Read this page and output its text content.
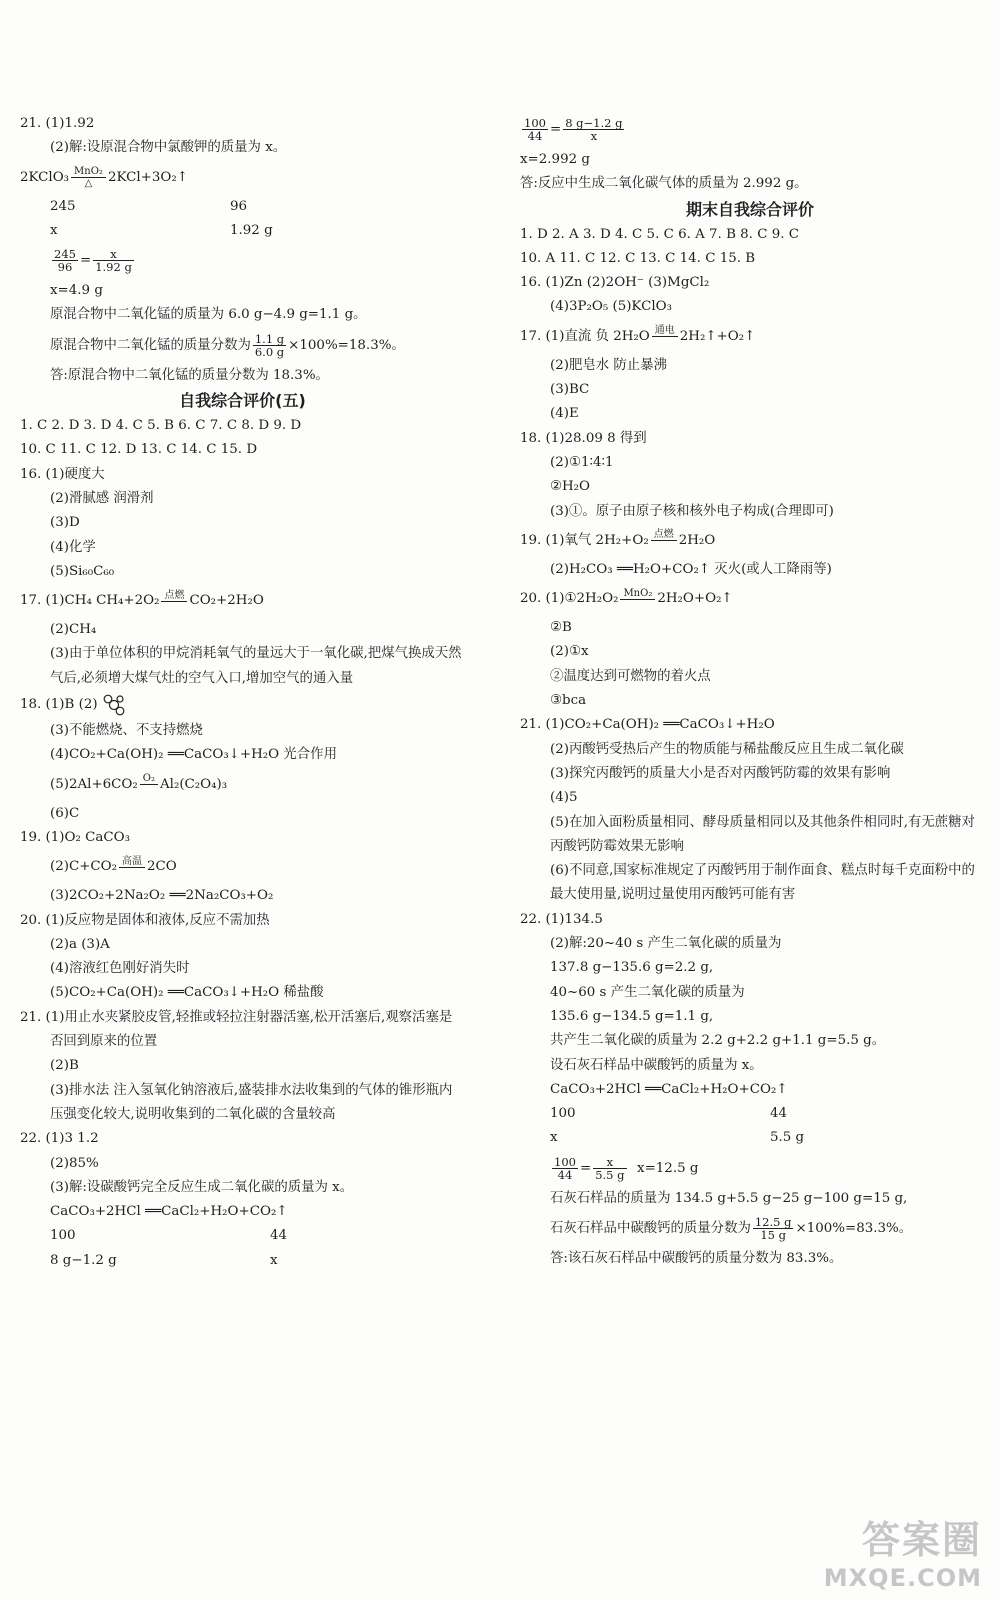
21. (1)1.92
(2)解:设原混合物中氯酸钾的质量为 x。
2KClO₃ MnO₂
△	2KCl+3O₂↑
245	96
x	1.92 g
$\frac{245}{96} = \frac{x}{1.92 g}$
x=4.9 g
原混合物中二氧化锰的质量为 6.0 g−4.9 g=1.1 g。
原混合物中二氧化锰的质量分数为 $\frac{1.1 g}{6.0 g} \times 100\%=18.3\%$。
答:原混合物中二氧化锰的质量分数为 18.3%。
自我综合评价(五)
1. C 2. D 3. D 4. C 5. B 6. C 7. C 8. D 9. D
10. C 11. C 12. D 13. C 14. C 15. D
16. (1)硬度大
(2)滑腻感 润滑剂
(3)D
(4)化学
(5)Si₆₀C₆₀
17. (1)CH₄ CH₄+2O₂ 点燃 CO₂+2H₂O
(2)CH₄
(3)由于单位体积的甲烷消耗氧气的量远大于一氧化碳,把煤气换成天然气后,必须增大煤气灶的空气入口,增加空气的通入量
18. (1)B (2)
(3)不能燃烧、不支持燃烧
(4)CO₂+Ca(OH)₂ ══CaCO₃↓+H₂O 光合作用
(5)2Al+6CO₂ O₂ Al₂(C₂O₄)₃
(6)C
19. (1)O₂ CaCO₃
(2)C+CO₂ 高温 2CO
(3)2CO₂+2Na₂O₂ ══2Na₂CO₃+O₂
20. (1)反应物是固体和液体,反应不需加热
(2)a (3)A
(4)溶液红色刚好消失时
(5)CO₂+Ca(OH)₂ ══CaCO₃↓+H₂O 稀盐酸
21. (1)用止水夹紧胶皮管,轻推或轻拉注射器活塞,松开活塞后,观察活塞是否回到原来的位置
(2)B
(3)排水法 注入氢氧化钠溶液后,盛装排水法收集到的气体的锥形瓶内压强变化较大,说明收集到的二氧化碳的含量较高
22. (1)3 1.2
(2)85%
(3)解:设碳酸钙完全反应生成二氧化碳的质量为 x。
CaCO₃+2HCl ══CaCl₂+H₂O+CO₂↑
100	44
8 g−1.2 g	x
$\frac{100}{44} = \frac{8 g-1.2 g}{x}$
x=2.992 g
答:反应中生成二氧化碳气体的质量为 2.992 g。
期末自我综合评价
1. D 2. A 3. D 4. C 5. C 6. A 7. B 8. C 9. C
10. A 11. C 12. C 13. C 14. C 15. B
16. (1)Zn (2)2OH⁻ (3)MgCl₂
(4)3P₂O₅ (5)KClO₃
17. (1)直流 负 2H₂O 通电 2H₂↑+O₂↑
(2)肥皂水 防止暴沸
(3)BC
(4)E
18. (1)28.09 8 得到
(2)①1∶4∶1
②H₂O
(3)①。原子由原子核和核外电子构成(合理即可)
19. (1)氧气 2H₂+O₂ 点燃 2H₂O
(2)H₂CO₃ ══H₂O+CO₂↑ 灭火(或人工降雨等)
20. (1)①2H₂O₂ MnO₂ 2H₂O+O₂↑
②B
(2)①x
②温度达到可燃物的着火点
③bca
21. (1)CO₂+Ca(OH)₂ ══CaCO₃↓+H₂O
(2)丙酸钙受热后产生的物质能与稀盐酸反应且生成二氧化碳
(3)探究丙酸钙的质量大小是否对丙酸钙防霉的效果有影响
(4)5
(5)在加入面粉质量相同、酵母质量相同以及其他条件相同时,有无蔗糖对丙酸钙防霉效果无影响
(6)不同意,国家标准规定了丙酸钙用于制作面食、糕点时每千克面粉中的最大使用量,说明过量使用丙酸钙可能有害
22. (1)134.5
(2)解:20~40 s 产生二氧化碳的质量为
137.8 g−135.6 g=2.2 g,
40~60 s 产生二氧化碳的质量为
135.6 g−134.5 g=1.1 g,
共产生二氧化碳的质量为 2.2 g+2.2 g+1.1 g=5.5 g。
设石灰石样品中碳酸钙的质量为 x。
CaCO₃+2HCl ══CaCl₂+H₂O+CO₂↑
100	44
x	5.5 g
$\frac{100}{44} = \frac{x}{5.5 g} x=12.5$ g
石灰石样品的质量为 134.5 g+5.5 g−25 g−100 g=15 g,
石灰石样品中碳酸钙的质量分数为 $\frac{12.5 g}{15 g} \times 100\%=83.3\%$。
答:该石灰石样品中碳酸钙的质量分数为 83.3%。
答案圈
MXQE.COM
